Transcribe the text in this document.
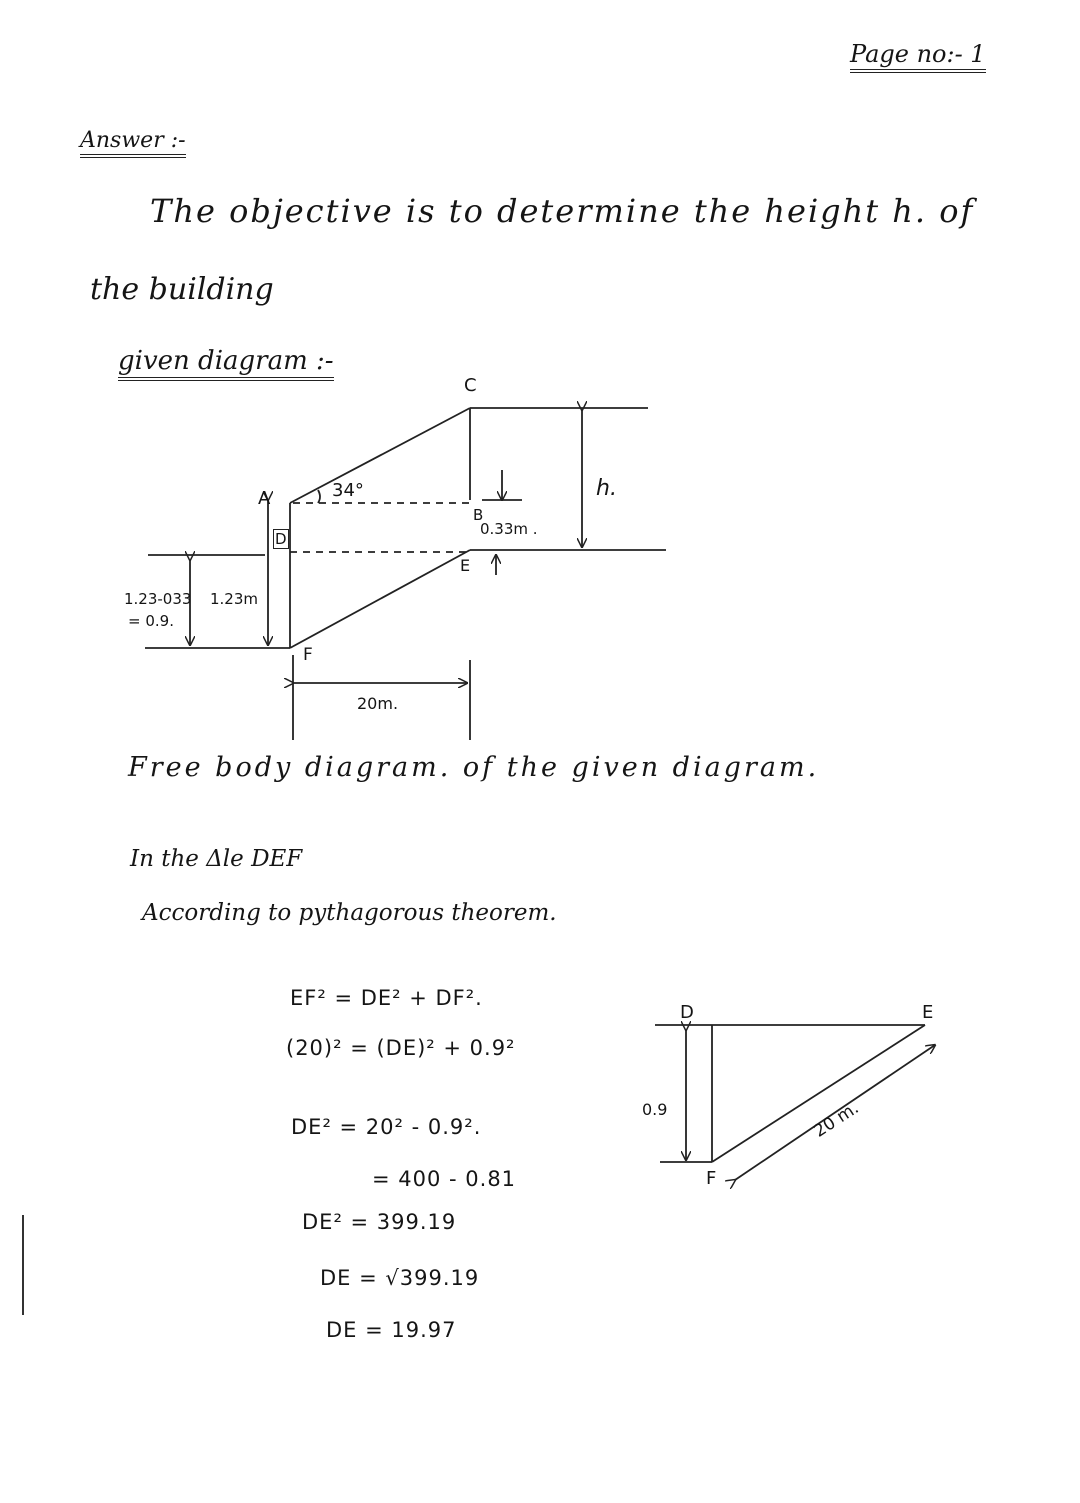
Page no:- 1
Answer :-
The objective is to determine the height h. of
the building
given diagram :-
C
34°	h.
A
B
D
E
F
0.33m .
1.23-033
= 0.9.
1.23m
20m.
Free body diagram. of the given diagram.
In the Δle DEF
According to pythagorous theorem.
EF² = DE² + DF².
(20)² = (DE)² + 0.9²
DE² = 20² - 0.9².
= 400 - 0.81
DE² = 399.19
DE = √399.19
DE = 19.97
D	E
F
0.9	20 m.
